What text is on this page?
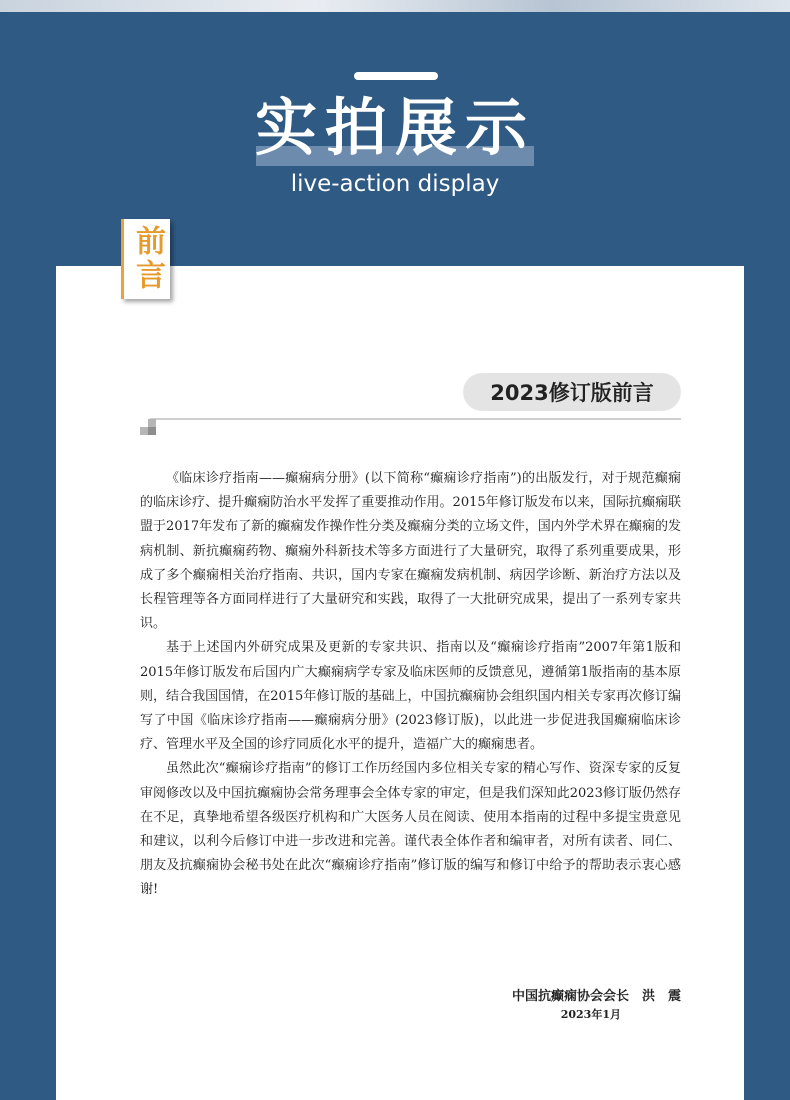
实拍展示
live-action display
前言
2023修订版前言

《临床诊疗指南——癫痫病分册》(以下简称“癫痫诊疗指南”)的出版发行，对于规范癫痫的临床诊疗、提升癫痫防治水平发挥了重要推动作用。2015年修订版发布以来，国际抗癫痫联盟于2017年发布了新的癫痫发作操作性分类及癫痫分类的立场文件，国内外学术界在癫痫的发病机制、新抗癫痫药物、癫痫外科新技术等多方面进行了大量研究，取得了系列重要成果，形成了多个癫痫相关治疗指南、共识，国内专家在癫痫发病机制、病因学诊断、新治疗方法以及长程管理等各方面同样进行了大量研究和实践，取得了一大批研究成果，提出了一系列专家共识。

基于上述国内外研究成果及更新的专家共识、指南以及“癫痫诊疗指南”2007年第1版和2015年修订版发布后国内广大癫痫病学专家及临床医师的反馈意见，遵循第1版指南的基本原则，结合我国国情，在2015年修订版的基础上，中国抗癫痫协会组织国内相关专家再次修订编写了中国《临床诊疗指南——癫痫病分册》(2023修订版)，以此进一步促进我国癫痫临床诊疗、管理水平及全国的诊疗同质化水平的提升，造福广大的癫痫患者。

虽然此次“癫痫诊疗指南”的修订工作历经国内多位相关专家的精心写作、资深专家的反复审阅修改以及中国抗癫痫协会常务理事会全体专家的审定，但是我们深知此2023修订版仍然存在不足，真挚地希望各级医疗机构和广大医务人员在阅读、使用本指南的过程中多提宝贵意见和建议，以利今后修订中进一步改进和完善。谨代表全体作者和编审者，对所有读者、同仁、朋友及抗癫痫协会秘书处在此次“癫痫诊疗指南”修订版的编写和修订中给予的帮助表示衷心感谢!

中国抗癫痫协会会长　洪　震
2023年1月
